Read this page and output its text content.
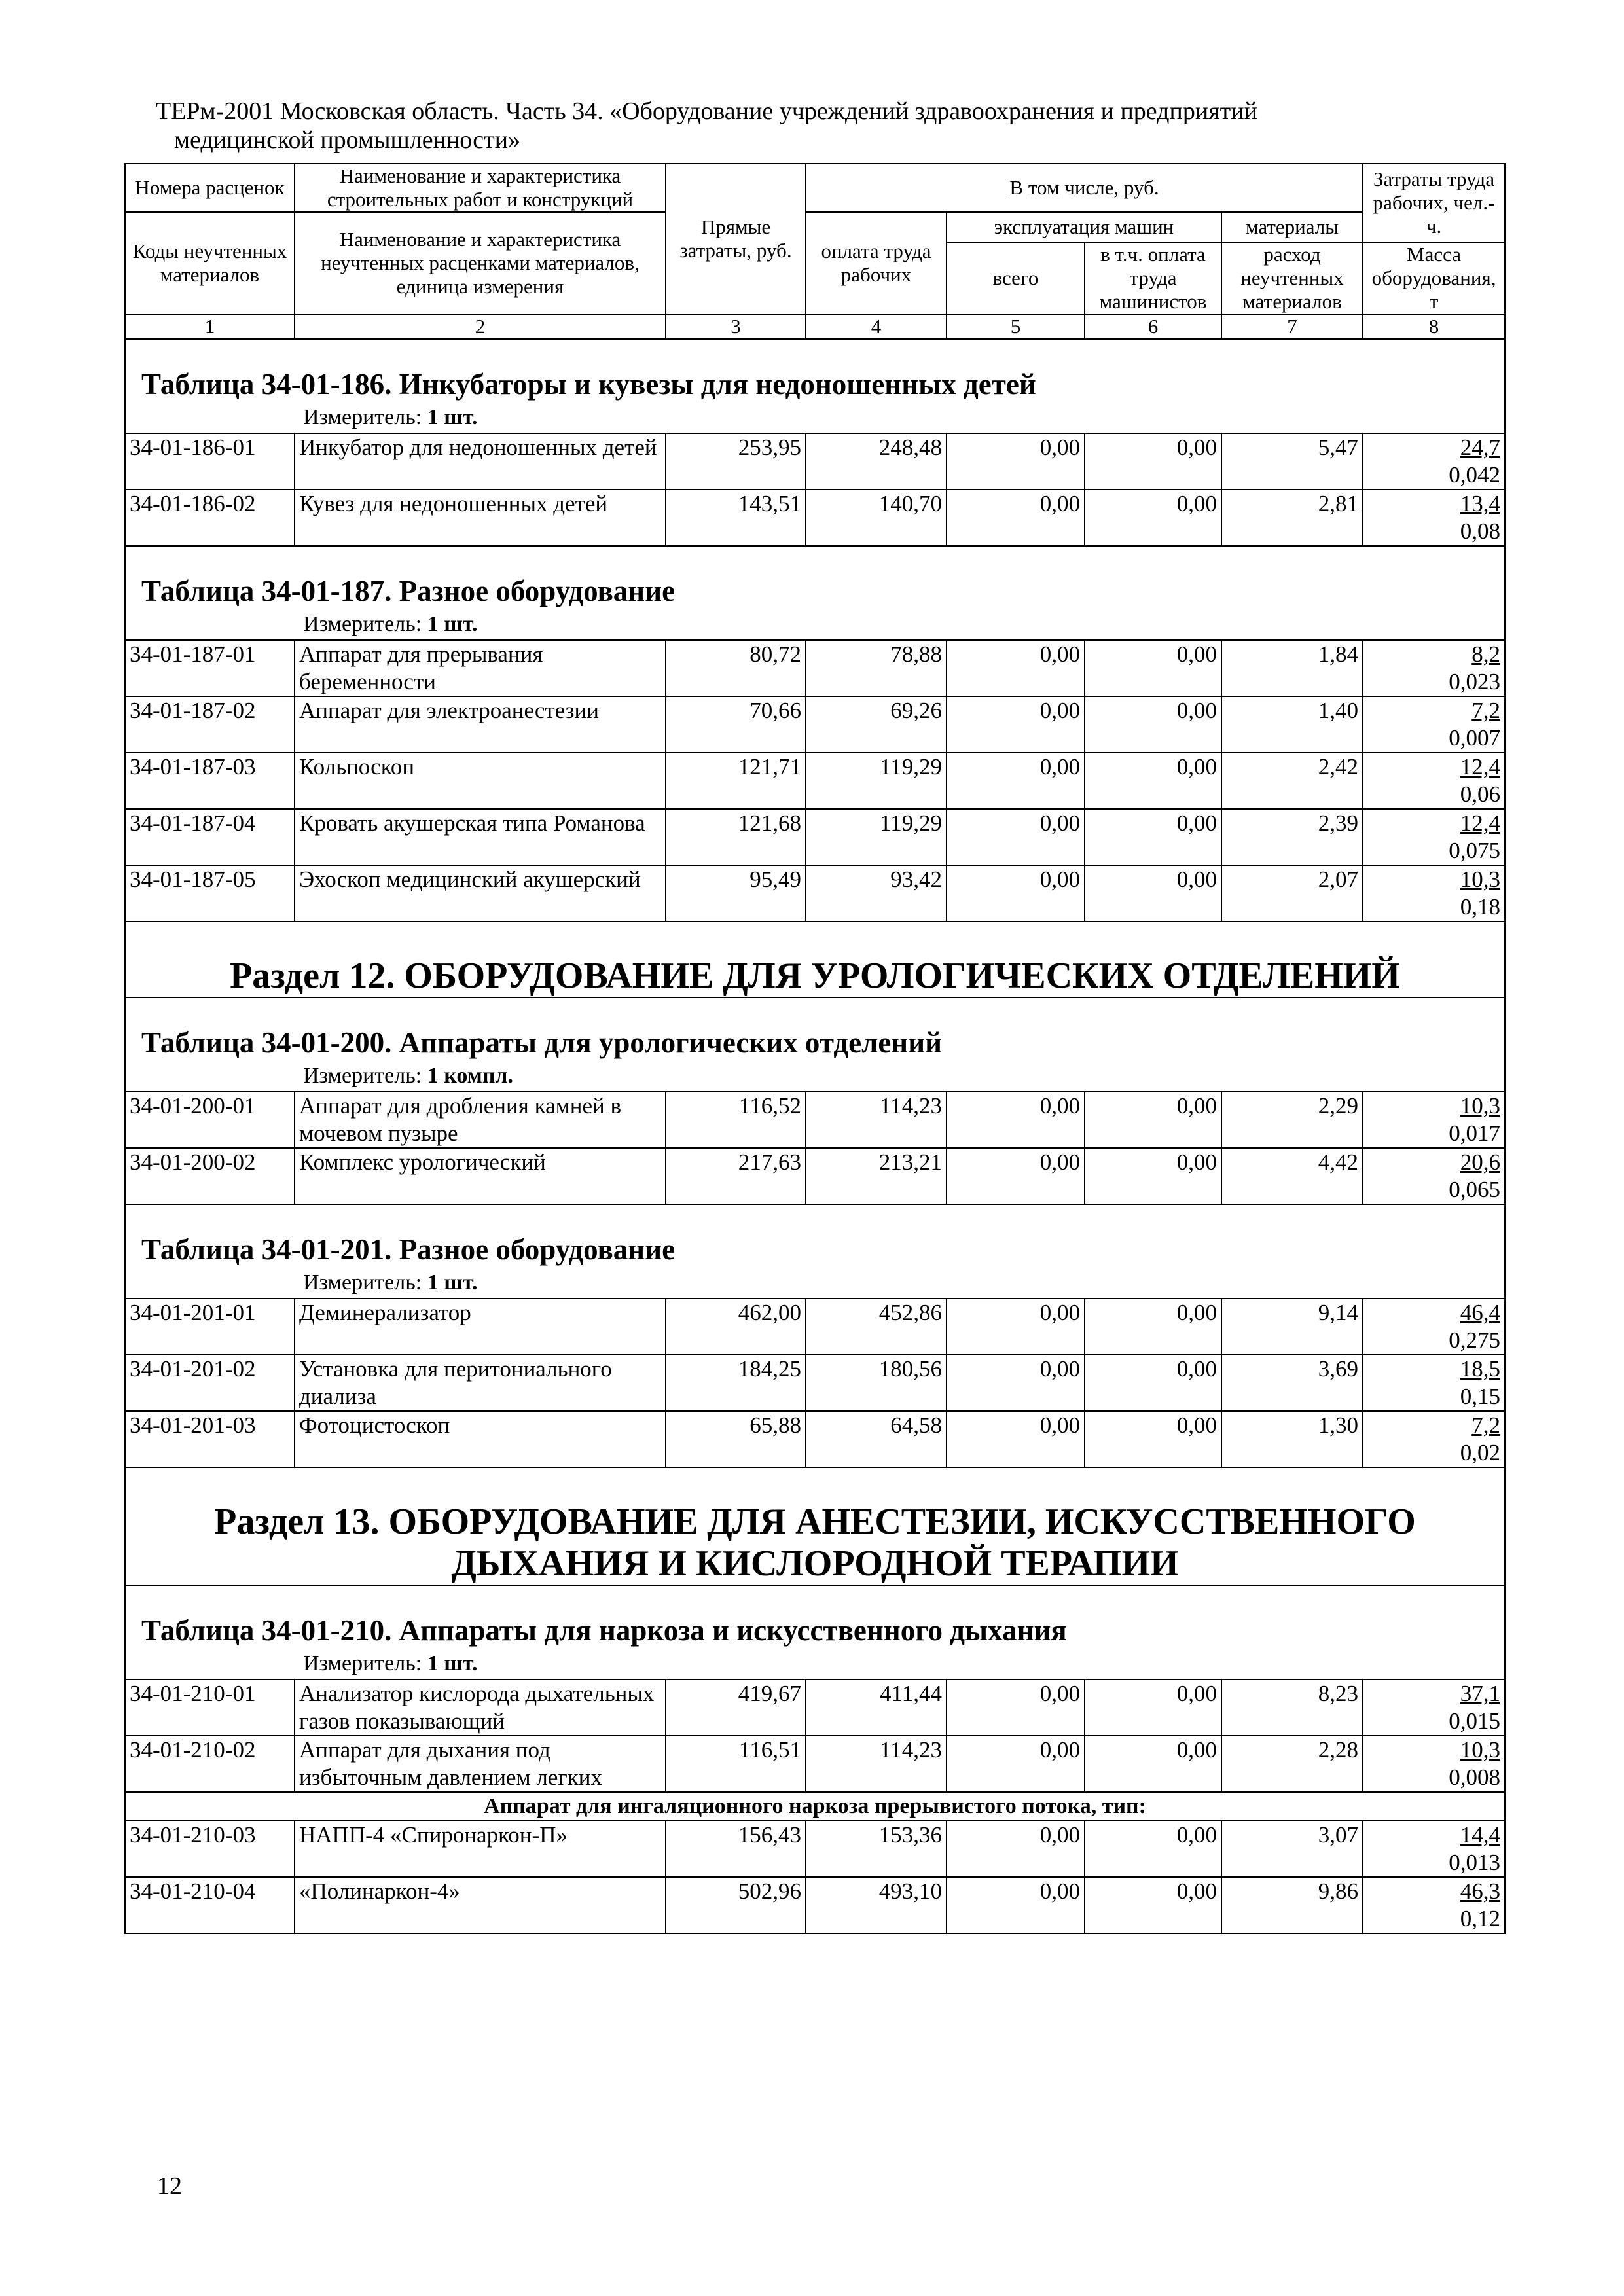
ТЕРм-2001 Московская область. Часть 34. «Оборудование учреждений здравоохранения и предприятий
медицинской промышленности»
Номера расценок	Наименование и характеристика строительных работ и конструкций	Прямые затраты, руб.	В том числе, руб.				Затраты труда рабочих, чел.-ч.
Коды неучтенных материалов	Наименование и характеристика неучтенных расценками материалов, единица измерения		оплата труда рабочих	эксплуатация машин		материалы	
				всего	в т.ч. оплата труда машинистов	расход неучтенных материалов	Масса оборудования, т
1	2	3	4	5	6	7	8

Таблица 34-01-186. Инкубаторы и кувезы для недоношенных детей
Измеритель: 1 шт.							

34-01-186-01	Инкубатор для недоношенных детей	253,95	248,48	0,00	0,00	5,47	24,7
0,042
34-01-186-02	Кувез для недоношенных детей	143,51	140,70	0,00	0,00	2,81	13,4
0,08

Таблица 34-01-187. Разное оборудование
Измеритель: 1 шт.							

34-01-187-01	Аппарат для прерывания беременности	80,72	78,88	0,00	0,00	1,84	8,2
0,023
34-01-187-02	Аппарат для электроанестезии	70,66	69,26	0,00	0,00	1,40	7,2
0,007
34-01-187-03	Кольпоскоп	121,71	119,29	0,00	0,00	2,42	12,4
0,06
34-01-187-04	Кровать акушерская типа Романова	121,68	119,29	0,00	0,00	2,39	12,4
0,075
34-01-187-05	Эхоскоп медицинский акушерский	95,49	93,42	0,00	0,00	2,07	10,3
0,18

Раздел 12. ОБОРУДОВАНИЕ ДЛЯ УРОЛОГИЧЕСКИХ ОТДЕЛЕНИЙ							

Таблица 34-01-200. Аппараты для урологических отделений
Измеритель: 1 компл.							

34-01-200-01	Аппарат для дробления камней в мочевом пузыре	116,52	114,23	0,00	0,00	2,29	10,3
0,017
34-01-200-02	Комплекс урологический	217,63	213,21	0,00	0,00	4,42	20,6
0,065

Таблица 34-01-201. Разное оборудование
Измеритель: 1 шт.							

34-01-201-01	Деминерализатор	462,00	452,86	0,00	0,00	9,14	46,4
0,275
34-01-201-02	Установка для перитониального диализа	184,25	180,56	0,00	0,00	3,69	18,5
0,15
34-01-201-03	Фотоцистоскоп	65,88	64,58	0,00	0,00	1,30	7,2
0,02

Раздел 13. ОБОРУДОВАНИЕ ДЛЯ АНЕСТЕЗИИ, ИСКУССТВЕННОГО ДЫХАНИЯ И КИСЛОРОДНОЙ ТЕРАПИИ							

Таблица 34-01-210. Аппараты для наркоза и искусственного дыхания
Измеритель: 1 шт.							

34-01-210-01	Анализатор кислорода дыхательных газов показывающий	419,67	411,44	0,00	0,00	8,23	37,1
0,015
34-01-210-02	Аппарат для дыхания под избыточным давлением легких	116,51	114,23	0,00	0,00	2,28	10,3
0,008
Аппарат для ингаляционного наркоза прерывистого потока, тип:							
34-01-210-03	НАПП-4 «Спиронаркон-П»	156,43	153,36	0,00	0,00	3,07	14,4
0,013
34-01-210-04	«Полинаркон-4»	502,96	493,10	0,00	0,00	9,86	46,3
0,12
12
